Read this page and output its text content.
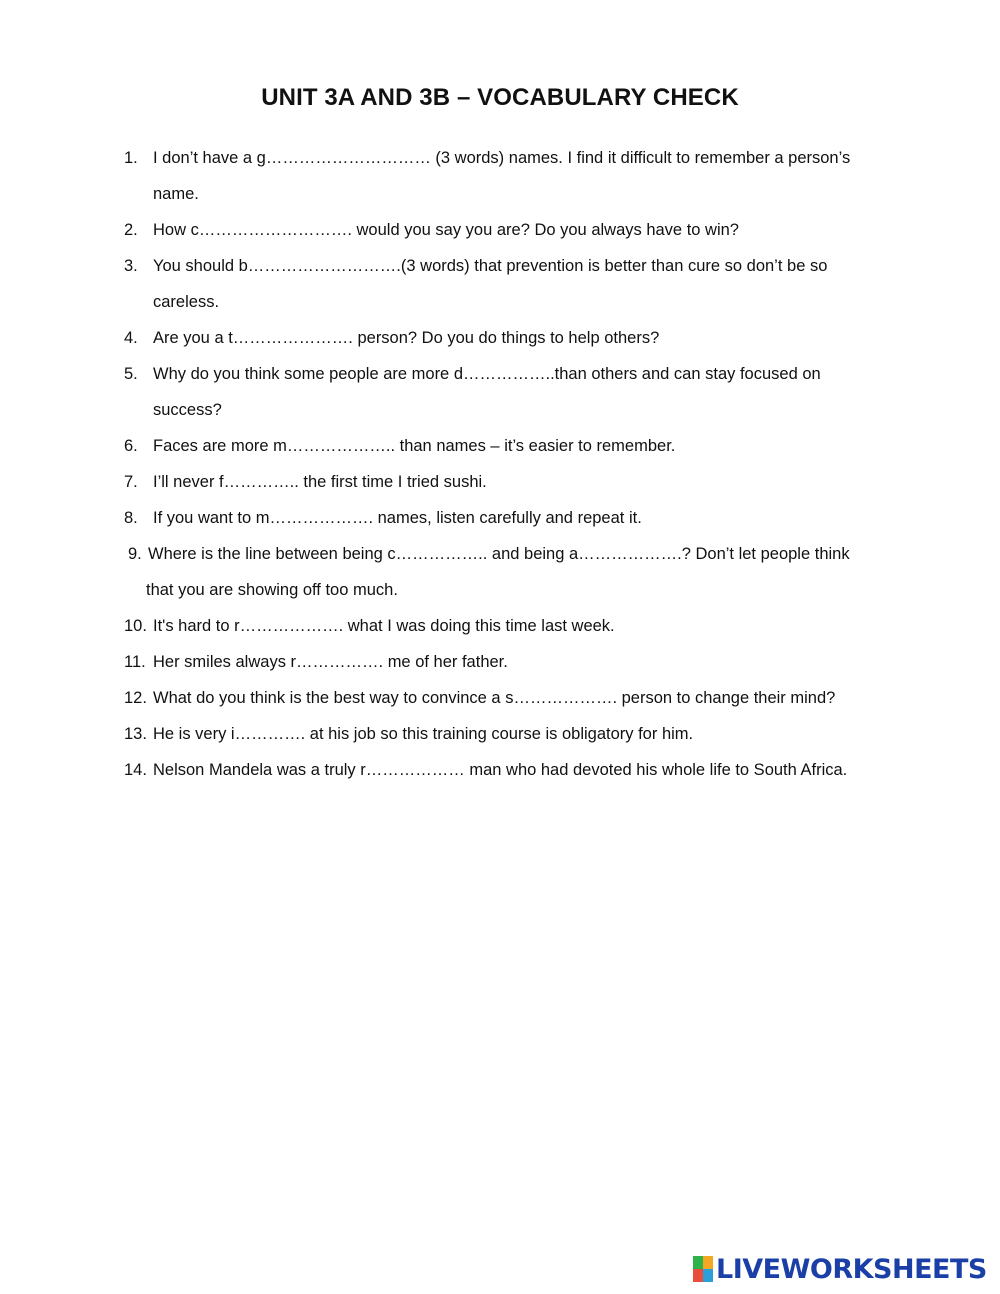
UNIT 3A AND 3B – VOCABULARY CHECK
1. I don’t have a g………………………… (3 words) names. I find it difficult to remember a person’s
name.
2. How c………………………. would you say you are? Do you always have to win?
3. You should b……………………….(3 words) that prevention is better than cure so don’t be so
careless.
4. Are you a t…………………. person? Do you do things to help others?
5. Why do you think some people are more d……………..than others and can stay focused on
success?
6. Faces are more m……………….. than names – it’s easier to remember.
7. I’ll never f………….. the first time I tried sushi.
8. If you want to m………………. names, listen carefully and repeat it.
9. Where is the line between being c…………….. and being a……………….? Don’t let people think
that you are showing off too much.
10. It's hard to r………………. what I was doing this time last week.
11. Her smiles always r……………. me of her father.
12. What do you think is the best way to convince a s………………. person to change their mind?
13. He is very i…………. at his job so this training course is obligatory for him.
14. Nelson Mandela was a truly r……………… man who had devoted his whole life to South Africa.
LIVEWORKSHEETS
